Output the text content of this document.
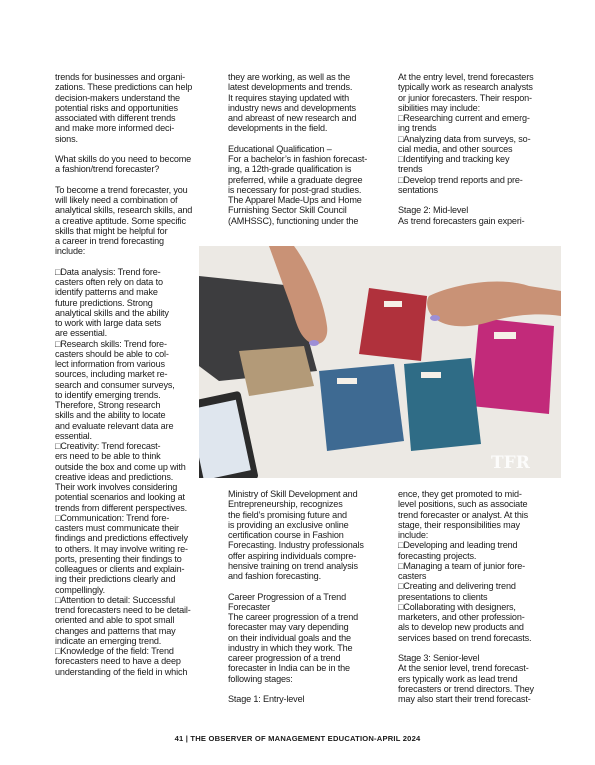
trends for businesses and organi-
zations. These predictions can help
decision-makers understand the
potential risks and opportunities
associated with different trends
and make more informed deci-
sions.
What skills do you need to become
a fashion/trend forecaster?
To become a trend forecaster, you
will likely need a combination of
analytical skills, research skills, and
a creative aptitude. Some specific
skills that might be helpful for
a career in trend forecasting
include:
□Data analysis: Trend fore-
casters often rely on data to
identify patterns and make
future predictions. Strong
analytical skills and the ability
to work with large data sets
are essential.
□Research skills: Trend fore-
casters should be able to col-
lect information from various
sources, including market re-
search and consumer surveys,
to identify emerging trends.
Therefore, Strong research
skills and the ability to locate
and evaluate relevant data are
essential.
□Creativity: Trend forecast-
ers need to be able to think
outside the box and come up with
creative ideas and predictions.
Their work involves considering
potential scenarios and looking at
trends from different perspectives.
□Communication: Trend fore-
casters must communicate their
findings and predictions effectively
to others. It may involve writing re-
ports, presenting their findings to
colleagues or clients and explain-
ing their predictions clearly and
compellingly.
□Attention to detail: Successful
trend forecasters need to be detail-
oriented and able to spot small
changes and patterns that may
indicate an emerging trend.
□Knowledge of the field: Trend
forecasters need to have a deep
understanding of the field in which
they are working, as well as the
latest developments and trends.
It requires staying updated with
industry news and developments
and abreast of new research and
developments in the field.
Educational Qualification –
For a bachelor’s in fashion forecast-
ing, a 12th-grade qualification is
preferred, while a graduate degree
is necessary for post-grad studies.
The Apparel Made-Ups and Home
Furnishing Sector Skill Council
(AMHSSC), functioning under the
At the entry level, trend forecasters
typically work as research analysts
or junior forecasters. Their respon-
sibilities may include:
□Researching current and emerg-
ing trends
□Analyzing data from surveys, so-
cial media, and other sources
□Identifying and tracking key
trends
□Develop trend reports and pre-
sentations
Stage 2: Mid-level
As trend forecasters gain experi-
TFR
Ministry of Skill Development and
Entrepreneurship, recognizes
the field’s promising future and
is providing an exclusive online
certification course in Fashion
Forecasting. Industry professionals
offer aspiring individuals compre-
hensive training on trend analysis
and fashion forecasting.
Career Progression of a Trend
Forecaster
The career progression of a trend
forecaster may vary depending
on their individual goals and the
industry in which they work. The
career progression of a trend
forecaster in India can be in the
following stages:
Stage 1: Entry-level
ence, they get promoted to mid-
level positions, such as associate
trend forecaster or analyst. At this
stage, their responsibilities may
include:
□Developing and leading trend
forecasting projects.
□Managing a team of junior fore-
casters
□Creating and delivering trend
presentations to clients
□Collaborating with designers,
marketers, and other profession-
als to develop new products and
services based on trend forecasts.
Stage 3: Senior-level
At the senior level, trend forecast-
ers typically work as lead trend
forecasters or trend directors. They
may also start their trend forecast-
41 | THE OBSERVER OF MANAGEMENT EDUCATION-APRIL 2024
